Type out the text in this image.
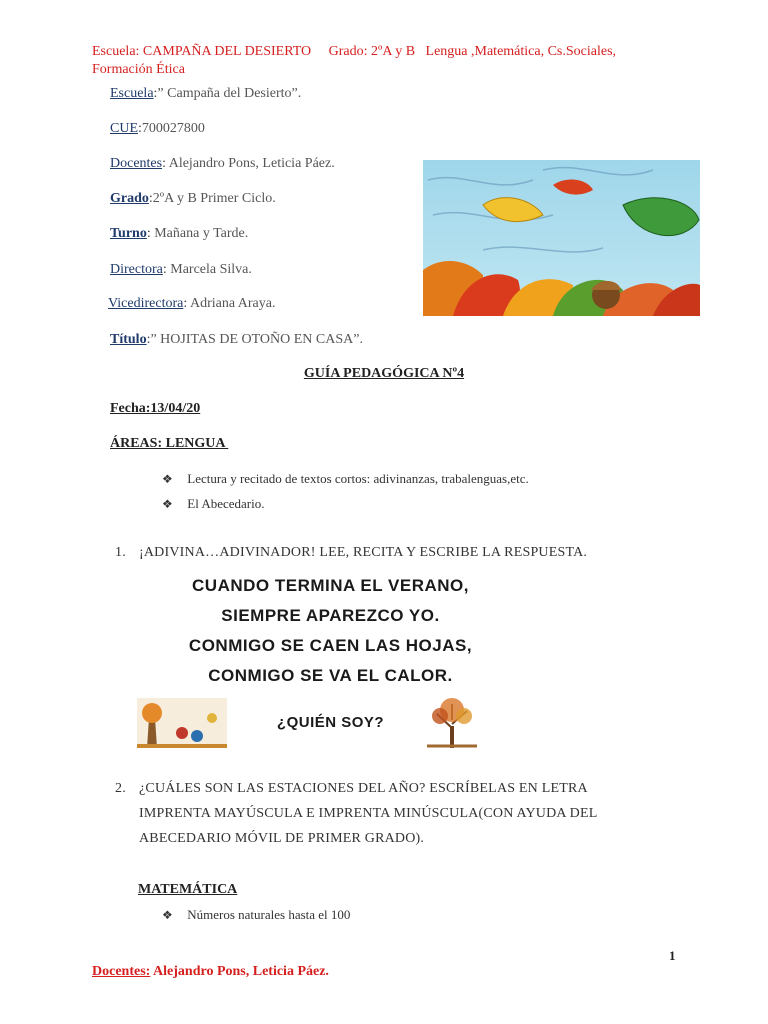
Escuela: CAMPAÑA DEL DESIERTO     Grado: 2ºA y B   Lengua ,Matemática, Cs.Sociales,
Formación Ética
Escuela:” Campaña del Desierto”.
CUE:700027800
Docentes: Alejandro Pons, Leticia Páez.
Grado:2ºA y B Primer Ciclo.
Turno: Mañana y Tarde.
Directora: Marcela Silva.
Vicedirectora: Adriana Araya.
Título:” HOJITAS DE OTOÑO EN CASA”.
GUÍA PEDAGÓGICA Nº4
Fecha:13/04/20
ÁREAS: LENGUA
❖ Lectura y recitado de textos cortos: adivinanzas, trabalenguas,etc.
❖ El Abecedario.
1. ¡ADIVINA…ADIVINADOR! LEE, RECITA Y ESCRIBE LA RESPUESTA.
CUANDO TERMINA EL VERANO,
SIEMPRE APAREZCO YO.
CONMIGO SE CAEN LAS HOJAS,
CONMIGO SE VA EL CALOR.
¿QUIÉN SOY?
2. ¿CUÁLES SON LAS ESTACIONES DEL AÑO? ESCRÍBELAS EN LETRA
IMPRENTA MAYÚSCULA E IMPRENTA MINÚSCULA(CON AYUDA DEL
ABECEDARIO MÓVIL DE PRIMER GRADO).
MATEMÁTICA
❖ Números naturales hasta el 100
1
Docentes: Alejandro Pons, Leticia Páez.
